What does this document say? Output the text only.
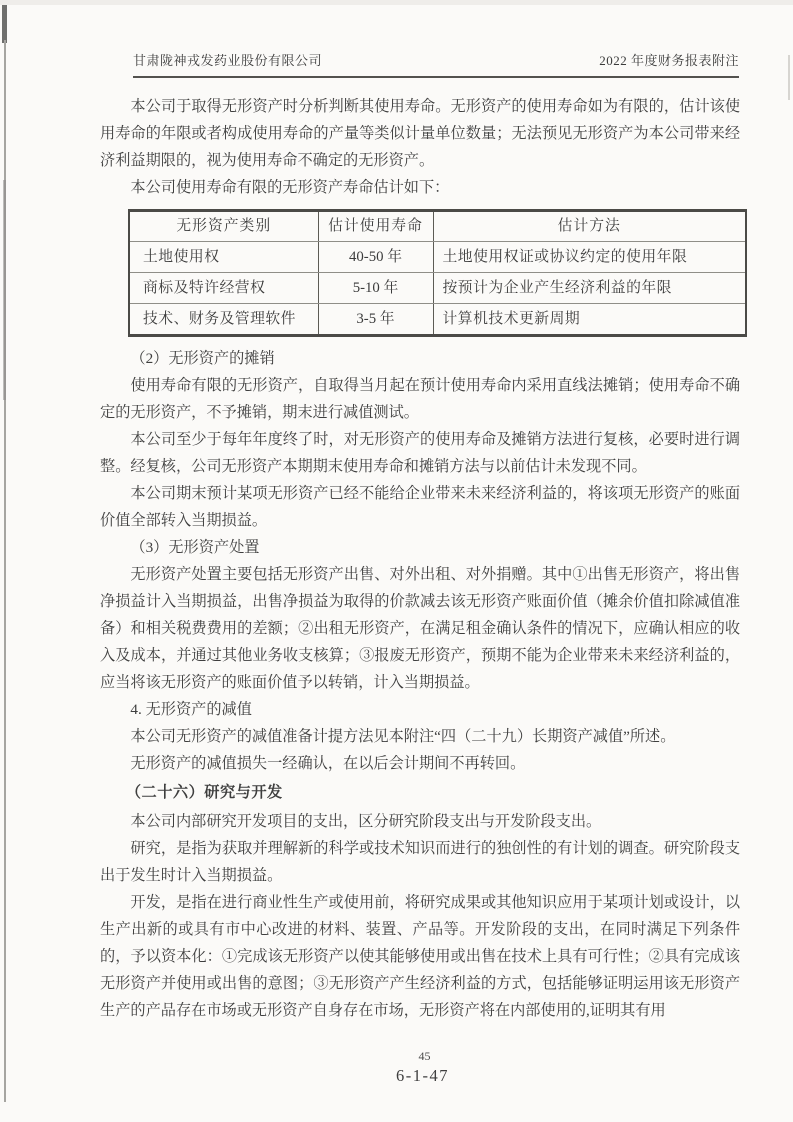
甘肃陇神戎发药业股份有限公司	2022 年度财务报表附注

本公司于取得无形资产时分析判断其使用寿命。无形资产的使用寿命如为有限的，估计该使用寿命的年限或者构成使用寿命的产量等类似计量单位数量；无法预见无形资产为本公司带来经济利益期限的，视为使用寿命不确定的无形资产。

本公司使用寿命有限的无形资产寿命估计如下：

无形资产类别	估计使用寿命	估计方法
土地使用权	40-50 年	土地使用权证或协议约定的使用年限
商标及特许经营权	5-10 年	按预计为企业产生经济利益的年限
技术、财务及管理软件	3-5 年	计算机技术更新周期

（2）无形资产的摊销

使用寿命有限的无形资产，自取得当月起在预计使用寿命内采用直线法摊销；使用寿命不确定的无形资产，不予摊销，期末进行减值测试。

本公司至少于每年年度终了时，对无形资产的使用寿命及摊销方法进行复核，必要时进行调整。经复核，公司无形资产本期期末使用寿命和摊销方法与以前估计未发现不同。

本公司期末预计某项无形资产已经不能给企业带来未来经济利益的，将该项无形资产的账面价值全部转入当期损益。

（3）无形资产处置

无形资产处置主要包括无形资产出售、对外出租、对外捐赠。其中①出售无形资产，将出售净损益计入当期损益，出售净损益为取得的价款减去该无形资产账面价值（摊余价值扣除减值准备）和相关税费费用的差额；②出租无形资产，在满足租金确认条件的情况下，应确认相应的收入及成本，并通过其他业务收支核算；③报废无形资产，预期不能为企业带来未来经济利益的，应当将该无形资产的账面价值予以转销，计入当期损益。

4. 无形资产的减值

本公司无形资产的减值准备计提方法见本附注“四（二十九）长期资产减值”所述。

无形资产的减值损失一经确认，在以后会计期间不再转回。

（二十六）研究与开发

本公司内部研究开发项目的支出，区分研究阶段支出与开发阶段支出。

研究，是指为获取并理解新的科学或技术知识而进行的独创性的有计划的调查。研究阶段支出于发生时计入当期损益。

开发，是指在进行商业性生产或使用前，将研究成果或其他知识应用于某项计划或设计，以生产出新的或具有市中心改进的材料、装置、产品等。开发阶段的支出，在同时满足下列条件的，予以资本化：①完成该无形资产以使其能够使用或出售在技术上具有可行性；②具有完成该无形资产并使用或出售的意图；③无形资产产生经济利益的方式，包括能够证明运用该无形资产生产的产品存在市场或无形资产自身存在市场，无形资产将在内部使用的,证明其有用

45
6-1-47
